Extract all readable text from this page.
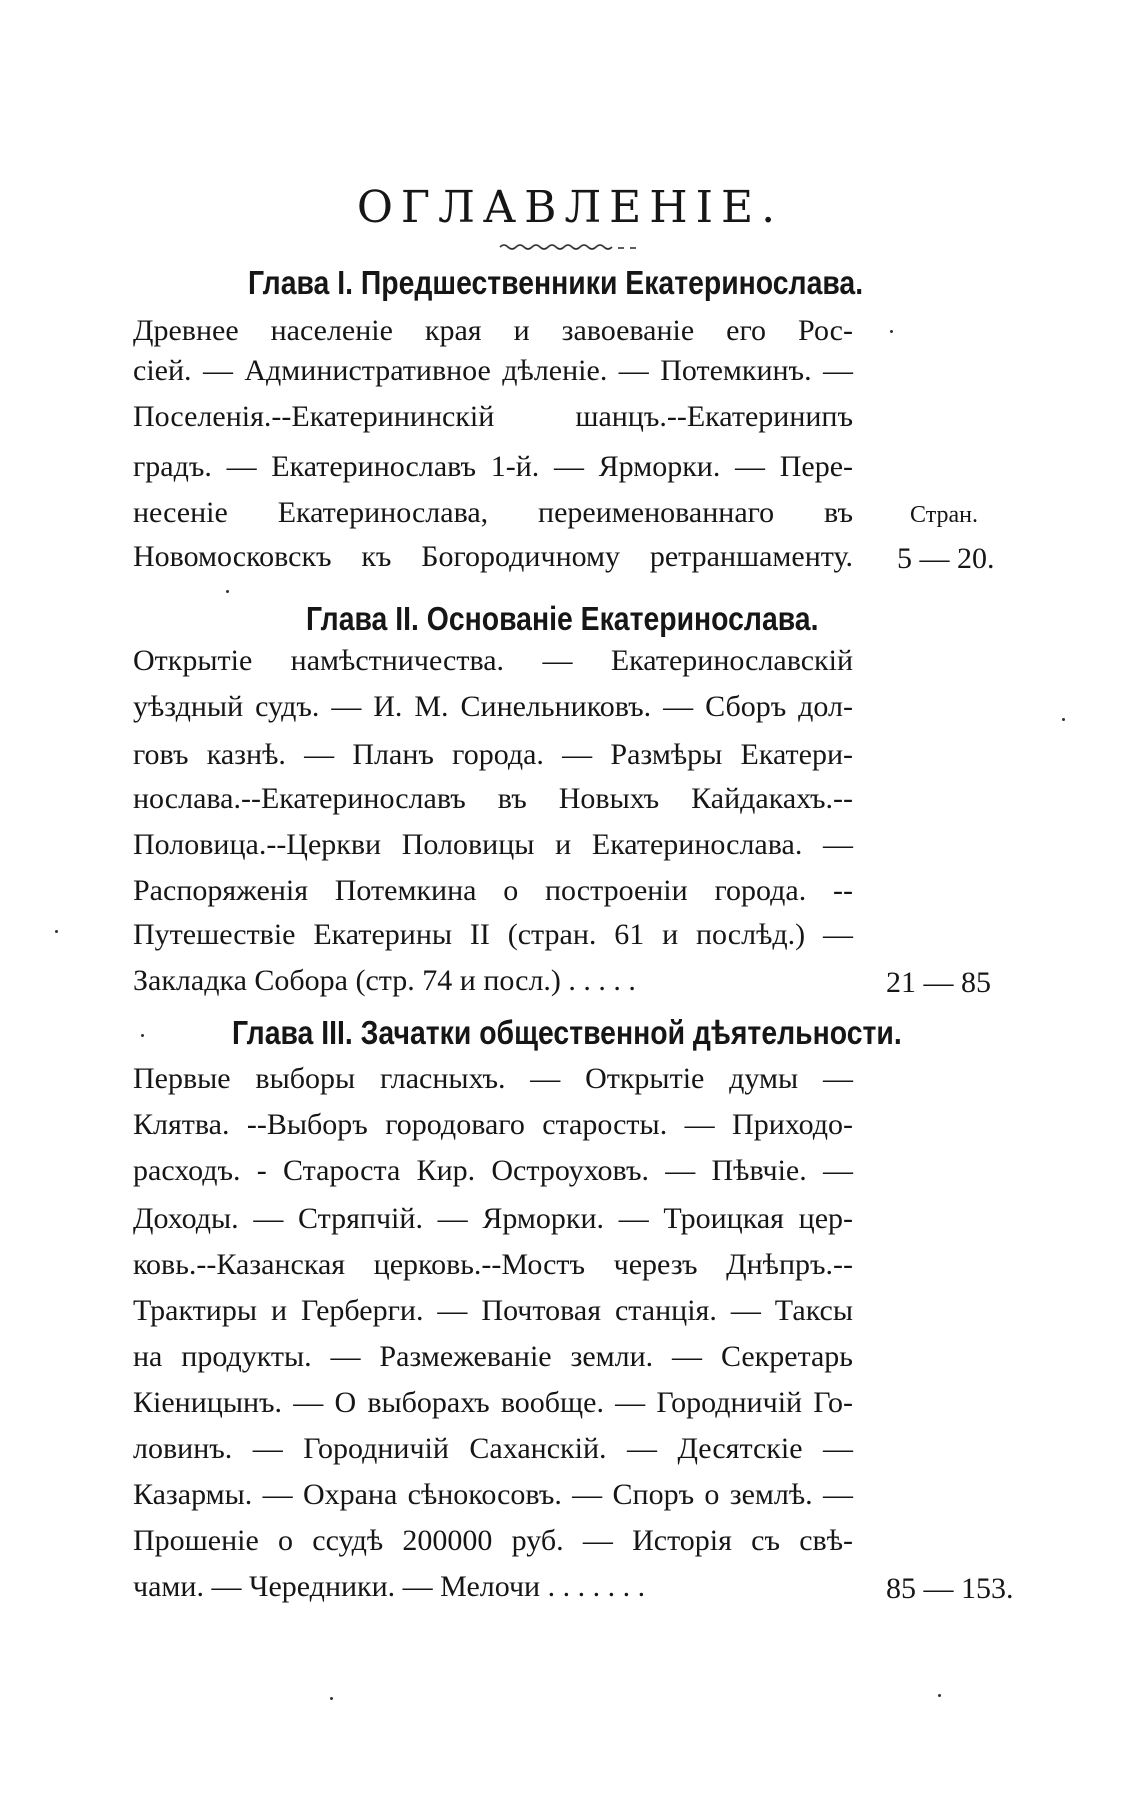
ОГЛАВЛЕНІЕ.
Глава I. Предшественники Екатеринослава.
Древнее населеніе края и завоеваніе его Рос-
сіей. — Административное дѣленіе. — Потемкинъ. —
Поселенія.--Екатерининскій шанцъ.--Екатеринипъ
градъ. — Екатеринославъ 1-й. — Ярморки. — Пере-
несеніе Екатеринослава, переименованнаго въ
Новомосковскъ къ Богородичному ретраншаменту.
Стран.
5 — 20.
Глава II. Основаніе Екатеринослава.
Открытіе намѣстничества. — Екатеринославскій
уѣздный судъ. — И. М. Синельниковъ. — Сборъ дол-
говъ казнѣ. — Планъ города. — Размѣры Екатери-
нослава.--Екатеринославъ въ Новыхъ Кайдакахъ.--
Половица.--Церкви Половицы и Екатеринослава. —
Распоряженія Потемкина о построеніи города. --
Путешествіе Екатерины II (стран. 61 и послѣд.) —
Закладка Собора (стр. 74 и посл.) . . . . .	21 — 85
Глава III. Зачатки общественной дѣятельности.
Первые выборы гласныхъ. — Открытіе думы —
Клятва. --Выборъ городоваго старосты. — Приходо-
расходъ. - Староста Кир. Остроуховъ. — Пѣвчіе. —
Доходы. — Стряпчій. — Ярморки. — Троицкая цер-
ковь.--Казанская церковь.--Мостъ черезъ Днѣпръ.--
Трактиры и Герберги. — Почтовая станція. — Таксы
на продукты. — Размежеваніе земли. — Секретарь
Кіеницынъ. — О выборахъ вообще. — Городничій Го-
ловинъ. — Городничій Саханскій. — Десятскіе —
Казармы. — Охрана сѣнокосовъ. — Споръ о землѣ. —
Прошеніе о ссудѣ 200000 руб. — Исторія съ свѣ-
чами. — Чередники. — Мелочи . . . . . . .	85 — 153.
